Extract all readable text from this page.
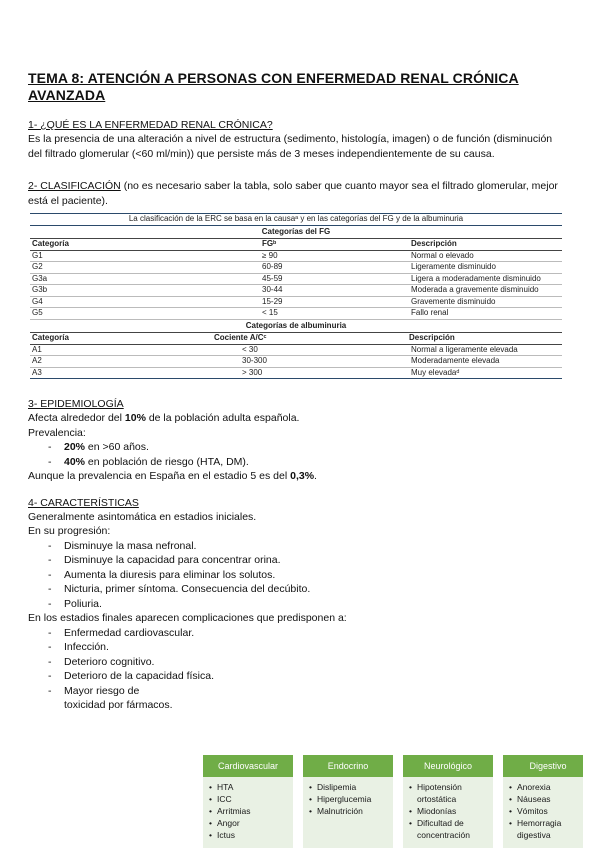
TEMA 8: ATENCIÓN A PERSONAS CON ENFERMEDAD RENAL CRÓNICA AVANZADA

1- ¿QUÉ ES LA ENFERMEDAD RENAL CRÓNICA?

Es la presencia de una alteración a nivel de estructura (sedimento, histología, imagen) o de función (disminución del filtrado glomerular (<60 ml/min)) que persiste más de 3 meses independientemente de su causa.

2- CLASIFICACIÓN (no es necesario saber la tabla, solo saber que cuanto mayor sea el filtrado glomerular, mejor está el paciente).

La clasificación de la ERC se basa en la causaᵃ y en las categorías del FG y de la albuminuria		
Categorías del FG		
Categoría	FGᵇ	Descripción
G1	≥ 90	Normal o elevado
G2	60-89	Ligeramente disminuido
G3a	45-59	Ligera a moderadamente disminuido
G3b	30-44	Moderada a gravemente disminuido
G4	15-29	Gravemente disminuido
G5	< 15	Fallo renal
Categorías de albuminuria		
Categoría	Cociente A/Cᶜ	Descripción
A1	< 30	Normal a ligeramente elevada
A2	30-300	Moderadamente elevada
A3	> 300	Muy elevadaᵈ

3- EPIDEMIOLOGÍA

Afecta alrededor del 10% de la población adulta española.

Prevalencia:

- 20% en >60 años.
- 40% en población de riesgo (HTA, DM).

Aunque la prevalencia en España en el estadio 5 es del 0,3%.

4- CARACTERÍSTICAS

Generalmente asintomática en estadios iniciales.

En su progresión:

- Disminuye la masa nefronal.
- Disminuye la capacidad para concentrar orina.
- Aumenta la diuresis para eliminar los solutos.
- Nicturia, primer síntoma. Consecuencia del decúbito.
- Poliuria.

En los estadios finales aparecen complicaciones que predisponen a:

- Enfermedad cardiovascular.
- Infección.
- Deterioro cognitivo.
- Deterioro de la capacidad física.
- Mayor riesgo de
toxicidad por fármacos.
Cardiovascular
• HTA
• ICC
• Arritmias
• Angor
• Ictus
Endocrino
• Dislipemia
• Hiperglucemia
• Malnutrición
Neurológico
• Hipotensión ortostática
• Miodonías
• Dificultad de concentración
Digestivo
• Anorexia
• Náuseas
• Vómitos
• Hemorragia digestiva
